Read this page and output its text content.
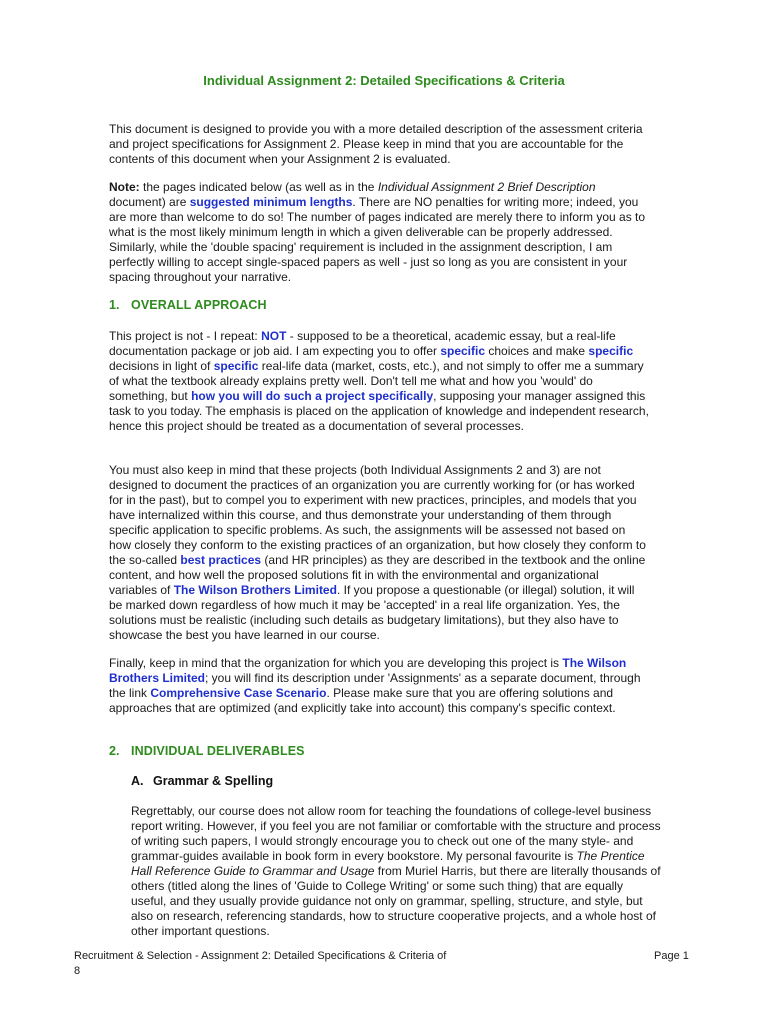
Individual Assignment 2: Detailed Specifications & Criteria

This document is designed to provide you with a more detailed description of the assessment criteria and project specifications for Assignment 2. Please keep in mind that you are accountable for the contents of this document when your Assignment 2 is evaluated.

Note: the pages indicated below (as well as in the Individual Assignment 2 Brief Description document) are suggested minimum lengths. There are NO penalties for writing more; indeed, you are more than welcome to do so! The number of pages indicated are merely there to inform you as to what is the most likely minimum length in which a given deliverable can be properly addressed. Similarly, while the 'double spacing' requirement is included in the assignment description, I am perfectly willing to accept single-spaced papers as well - just so long as you are consistent in your spacing throughout your narrative.

1. OVERALL APPROACH

This project is not - I repeat: NOT - supposed to be a theoretical, academic essay, but a real-life documentation package or job aid. I am expecting you to offer specific choices and make specific decisions in light of specific real-life data (market, costs, etc.), and not simply to offer me a summary of what the textbook already explains pretty well. Don't tell me what and how you 'would' do something, but how you will do such a project specifically, supposing your manager assigned this task to you today. The emphasis is placed on the application of knowledge and independent research, hence this project should be treated as a documentation of several processes.

You must also keep in mind that these projects (both Individual Assignments 2 and 3) are not designed to document the practices of an organization you are currently working for (or has worked for in the past), but to compel you to experiment with new practices, principles, and models that you have internalized within this course, and thus demonstrate your understanding of them through specific application to specific problems. As such, the assignments will be assessed not based on how closely they conform to the existing practices of an organization, but how closely they conform to the so-called best practices (and HR principles) as they are described in the textbook and the online content, and how well the proposed solutions fit in with the environmental and organizational variables of The Wilson Brothers Limited. If you propose a questionable (or illegal) solution, it will be marked down regardless of how much it may be 'accepted' in a real life organization. Yes, the solutions must be realistic (including such details as budgetary limitations), but they also have to showcase the best you have learned in our course.

Finally, keep in mind that the organization for which you are developing this project is The Wilson Brothers Limited; you will find its description under 'Assignments' as a separate document, through the link Comprehensive Case Scenario. Please make sure that you are offering solutions and approaches that are optimized (and explicitly take into account) this company's specific context.

2. INDIVIDUAL DELIVERABLES
A. Grammar & Spelling

Regrettably, our course does not allow room for teaching the foundations of college-level business report writing. However, if you feel you are not familiar or comfortable with the structure and process of writing such papers, I would strongly encourage you to check out one of the many style- and grammar-guides available in book form in every bookstore. My personal favourite is The Prentice Hall Reference Guide to Grammar and Usage from Muriel Harris, but there are literally thousands of others (titled along the lines of 'Guide to College Writing' or some such thing) that are equally useful, and they usually provide guidance not only on grammar, spelling, structure, and style, but also on research, referencing standards, how to structure cooperative projects, and a whole host of other important questions.

Recruitment & Selection - Assignment 2: Detailed Specifications & Criteria of 8

Page 1
